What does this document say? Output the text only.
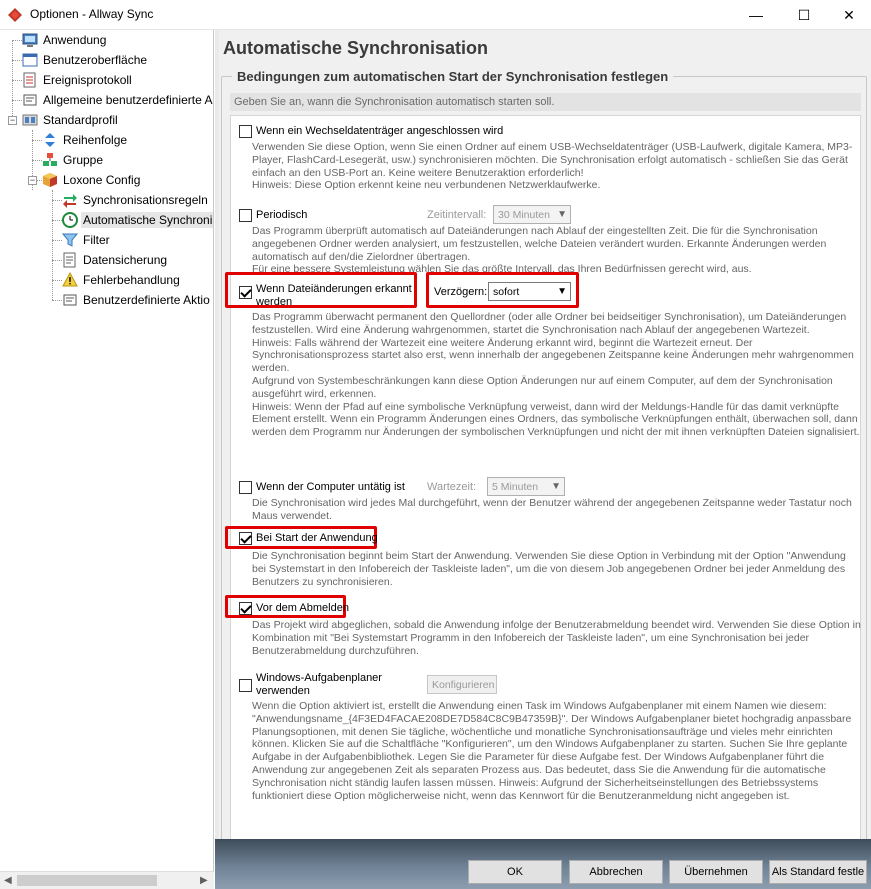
Optionen - Allway Sync	—	☐	✕
−
−
Anwendung
Benutzeroberfläche
Ereignisprotokoll
Allgemeine benutzerdefinierte A
Standardprofil
Reihenfolge
Gruppe
Loxone Config
Synchronisationsregeln
Automatische Synchroni
Filter
Datensicherung
Fehlerbehandlung
Benutzerdefinierte Aktio
◀	▶
Automatische Synchronisation
Bedingungen zum automatischen Start der Synchronisation festlegen
Geben Sie an, wann die Synchronisation automatisch starten soll.
Wenn ein Wechseldatenträger angeschlossen wird
Verwenden Sie diese Option, wenn Sie einen Ordner auf einem USB-Wechseldatenträger (USB-Laufwerk, digitale Kamera, MP3-Player, FlashCard-Lesegerät, usw.) synchronisieren möchten. Die Synchronisation erfolgt automatisch - schließen Sie das Gerät einfach an den USB-Port an. Keine weitere Benutzeraktion erforderlich!
Hinweis: Diese Option erkennt keine neu verbundenen Netzwerklaufwerke.
Periodisch	Zeitintervall:	30 Minuten ▼
Das Programm überprüft automatisch auf Dateiänderungen nach Ablauf der eingestellten Zeit. Die für die Synchronisation angegebenen Ordner werden analysiert, um festzustellen, welche Dateien verändert wurden. Erkannte Änderungen werden automatisch auf den/die Zielordner übertragen.
Für eine bessere Systemleistung wählen Sie das größte Intervall, das Ihren Bedürfnissen gerecht wird, aus.
Wenn Dateiänderungen erkannt werden
Verzögern: sofort	▼
Das Programm überwacht permanent den Quellordner (oder alle Ordner bei beidseitiger Synchronisation), um Dateiänderungen festzustellen. Wird eine Änderung wahrgenommen, startet die Synchronisation nach Ablauf der angegebenen Wartezeit.
Hinweis: Falls während der Wartezeit eine weitere Änderung erkannt wird, beginnt die Wartezeit erneut. Der Synchronisationsprozess startet also erst, wenn innerhalb der angegebenen Zeitspanne keine Änderungen mehr wahrgenommen werden.
Aufgrund von Systembeschränkungen kann diese Option Änderungen nur auf einem Computer, auf dem der Synchronisation ausgeführt wird, erkennen.
Hinweis: Wenn der Pfad auf eine symbolische Verknüpfung verweist, dann wird der Meldungs-Handle für das damit verknüpfte Element erstellt. Wenn ein Programm Änderungen eines Ordners, das symbolische Verknüpfungen enthält, überwachen soll, dann werden dem Programm nur Änderungen der symbolischen Verknüpfungen und nicht der mit ihnen verknüpften Dateien signalisiert.
Wenn der Computer untätig ist Wartezeit:	5 Minuten ▼
Die Synchronisation wird jedes Mal durchgeführt, wenn der Benutzer während der angegebenen Zeitspanne weder Tastatur noch Maus verwendet.
Bei Start der Anwendung
Die Synchronisation beginnt beim Start der Anwendung. Verwenden Sie diese Option in Verbindung mit der Option "Anwendung bei Systemstart in den Infobereich der Taskleiste laden", um die von diesem Job angegebenen Ordner bei jeder Anmeldung des Benutzers zu synchronisieren.
Vor dem Abmelden
Das Projekt wird abgeglichen, sobald die Anwendung infolge der Benutzerabmeldung beendet wird. Verwenden Sie diese Option in Kombination mit "Bei Systemstart Programm in den Infobereich der Taskleiste laden", um eine Synchronisation bei jeder Benutzerabmeldung durchzuführen.
Windows-Aufgabenplaner verwenden	Konfigurieren
Wenn die Option aktiviert ist, erstellt die Anwendung einen Task im Windows Aufgabenplaner mit einem Namen wie diesem: "Anwendungsname_{4F3ED4FACAE208DE7D584C8C9B47359B}". Der Windows Aufgabenplaner bietet hochgradig anpassbare Planungsoptionen, mit denen Sie tägliche, wöchentliche und monatliche Synchronisationsaufträge und vieles mehr einrichten können. Klicken Sie auf die Schaltfläche "Konfigurieren", um den Windows Aufgabenplaner zu starten. Suchen Sie Ihre geplante Aufgabe in der Aufgabenbibliothek. Legen Sie die Parameter für diese Aufgabe fest. Der Windows Aufgabenplaner führt die Anwendung zur angegebenen Zeit als separaten Prozess aus. Das bedeutet, dass Sie die Anwendung für die automatische Synchronisation nicht ständig laufen lassen müssen. Hinweis: Aufgrund der Sicherheitseinstellungen des Betriebssystems funktioniert diese Option möglicherweise nicht, wenn das Kennwort für die Benutzeranmeldung nicht angegeben ist.
OK	Abbrechen	Übernehmen	Als Standard festle
